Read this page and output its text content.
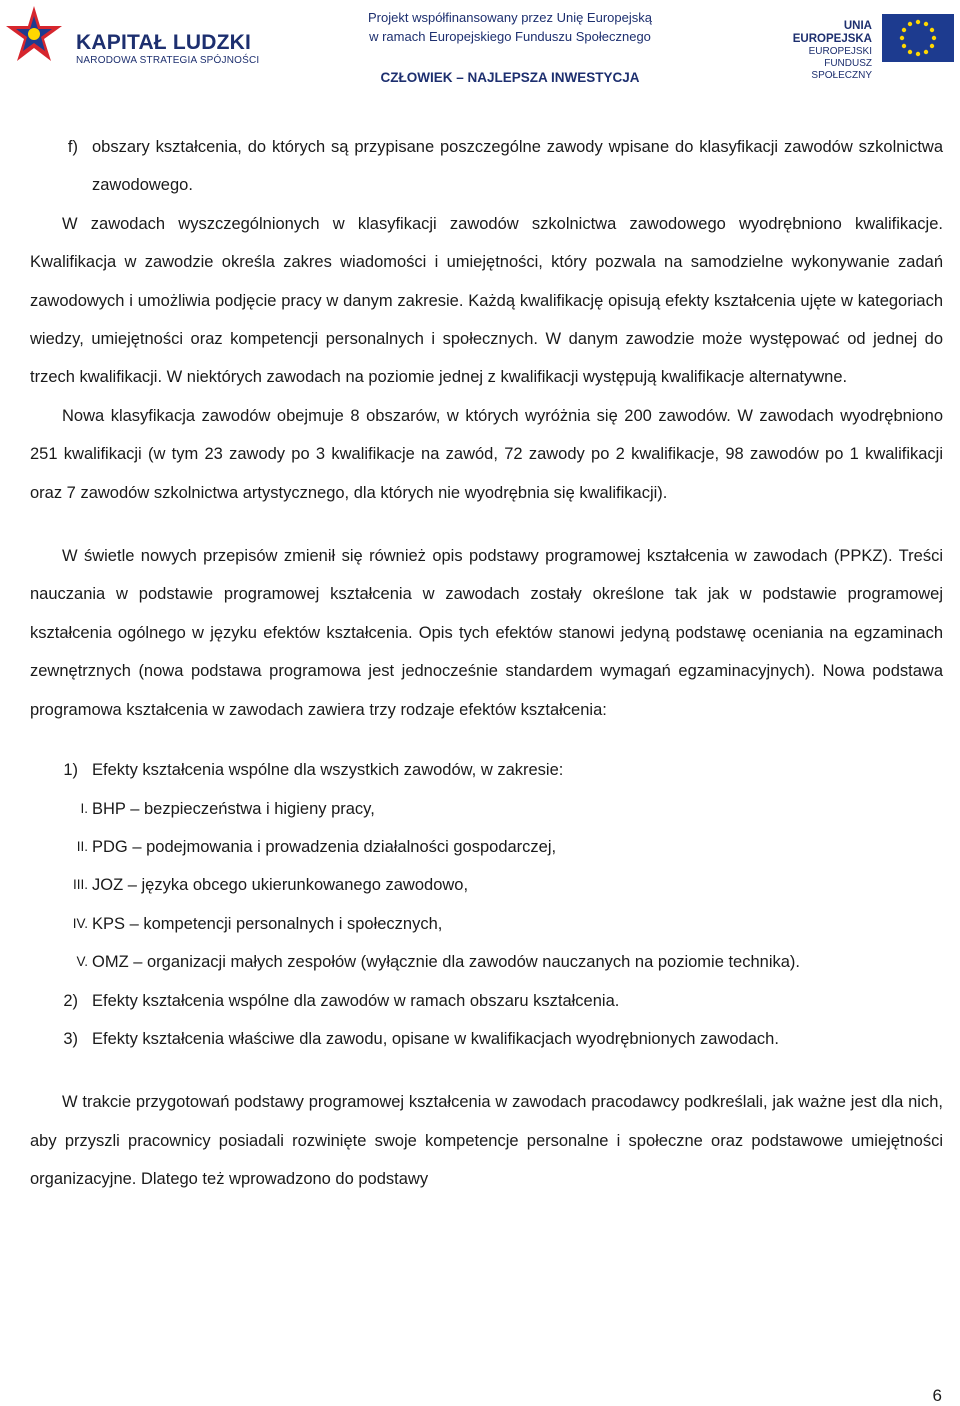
KAPITAŁ LUDZKI
NARODOWA STRATEGIA SPÓJNOŚCI
Projekt współfinansowany przez Unię Europejską
w ramach Europejskiego Funduszu Społecznego
CZŁOWIEK – NAJLEPSZA INWESTYCJA
UNIA EUROPEJSKA
EUROPEJSKI
FUNDUSZ SPOŁECZNY
f) obszary kształcenia, do których są przypisane poszczególne zawody wpisane do klasyfikacji zawodów szkolnictwa zawodowego.

W zawodach wyszczególnionych w klasyfikacji zawodów szkolnictwa zawodowego wyodrębniono kwalifikacje. Kwalifikacja w zawodzie określa zakres wiadomości i umiejętności, który pozwala na samodzielne wykonywanie zadań zawodowych i umożliwia podjęcie pracy w danym zakresie. Każdą kwalifikację opisują efekty kształcenia ujęte w kategoriach wiedzy, umiejętności oraz kompetencji personalnych i społecznych. W danym zawodzie może występować od jednej do trzech kwalifikacji. W niektórych zawodach na poziomie jednej z kwalifikacji występują kwalifikacje alternatywne.

Nowa klasyfikacja zawodów obejmuje 8 obszarów, w których wyróżnia się 200 zawodów. W zawodach wyodrębniono 251 kwalifikacji (w tym 23 zawody po 3 kwalifikacje na zawód, 72 zawody po 2 kwalifikacje, 98 zawodów po 1 kwalifikacji oraz 7 zawodów szkolnictwa artystycznego, dla których nie wyodrębnia się kwalifikacji).

W świetle nowych przepisów zmienił się również opis podstawy programowej kształcenia w zawodach (PPKZ). Treści nauczania w podstawie programowej kształcenia w zawodach zostały określone tak jak w podstawie programowej kształcenia ogólnego w języku efektów kształcenia. Opis tych efektów stanowi jedyną podstawę oceniania na egzaminach zewnętrznych (nowa podstawa programowa jest jednocześnie standardem wymagań egzaminacyjnych). Nowa podstawa programowa kształcenia w zawodach zawiera trzy rodzaje efektów kształcenia:

1) Efekty kształcenia wspólne dla wszystkich zawodów, w zakresie:
I. BHP – bezpieczeństwa i higieny pracy,
II. PDG – podejmowania i prowadzenia działalności gospodarczej,
III. JOZ – języka obcego ukierunkowanego zawodowo,
IV. KPS – kompetencji personalnych i społecznych,
V. OMZ – organizacji małych zespołów (wyłącznie dla zawodów nauczanych na poziomie technika).
2) Efekty kształcenia wspólne dla zawodów w ramach obszaru kształcenia.
3) Efekty kształcenia właściwe dla zawodu, opisane w kwalifikacjach wyodrębnionych zawodach.

W trakcie przygotowań podstawy programowej kształcenia w zawodach pracodawcy podkreślali, jak ważne jest dla nich, aby przyszli pracownicy posiadali rozwinięte swoje kompetencje personalne i społeczne oraz podstawowe umiejętności organizacyjne. Dlatego też wprowadzono do podstawy

6
